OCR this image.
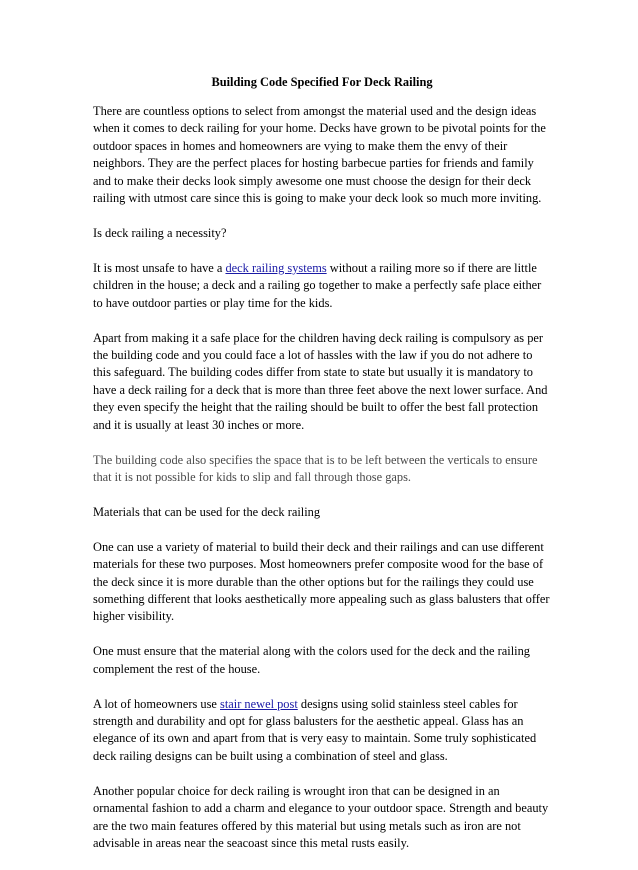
Building Code Specified For Deck Railing

There are countless options to select from amongst the material used and the design ideas when it comes to deck railing for your home. Decks have grown to be pivotal points for the outdoor spaces in homes and homeowners are vying to make them the envy of their neighbors. They are the perfect places for hosting barbecue parties for friends and family and to make their decks look simply awesome one must choose the design for their deck railing with utmost care since this is going to make your deck look so much more inviting.

Is deck railing a necessity?

It is most unsafe to have a deck railing systems without a railing more so if there are little children in the house; a deck and a railing go together to make a perfectly safe place either to have outdoor parties or play time for the kids.

Apart from making it a safe place for the children having deck railing is compulsory as per the building code and you could face a lot of hassles with the law if you do not adhere to this safeguard. The building codes differ from state to state but usually it is mandatory to have a deck railing for a deck that is more than three feet above the next lower surface. And they even specify the height that the railing should be built to offer the best fall protection and it is usually at least 30 inches or more.

The building code also specifies the space that is to be left between the verticals to ensure that it is not possible for kids to slip and fall through those gaps.

Materials that can be used for the deck railing

One can use a variety of material to build their deck and their railings and can use different materials for these two purposes. Most homeowners prefer composite wood for the base of the deck since it is more durable than the other options but for the railings they could use something different that looks aesthetically more appealing such as glass balusters that offer higher visibility.

One must ensure that the material along with the colors used for the deck and the railing complement the rest of the house.

A lot of homeowners use stair newel post designs using solid stainless steel cables for strength and durability and opt for glass balusters for the aesthetic appeal. Glass has an elegance of its own and apart from that is very easy to maintain. Some truly sophisticated deck railing designs can be built using a combination of steel and glass.

Another popular choice for deck railing is wrought iron that can be designed in an ornamental fashion to add a charm and elegance to your outdoor space. Strength and beauty are the two main features offered by this material but using metals such as iron are not advisable in areas near the seacoast since this metal rusts easily.
